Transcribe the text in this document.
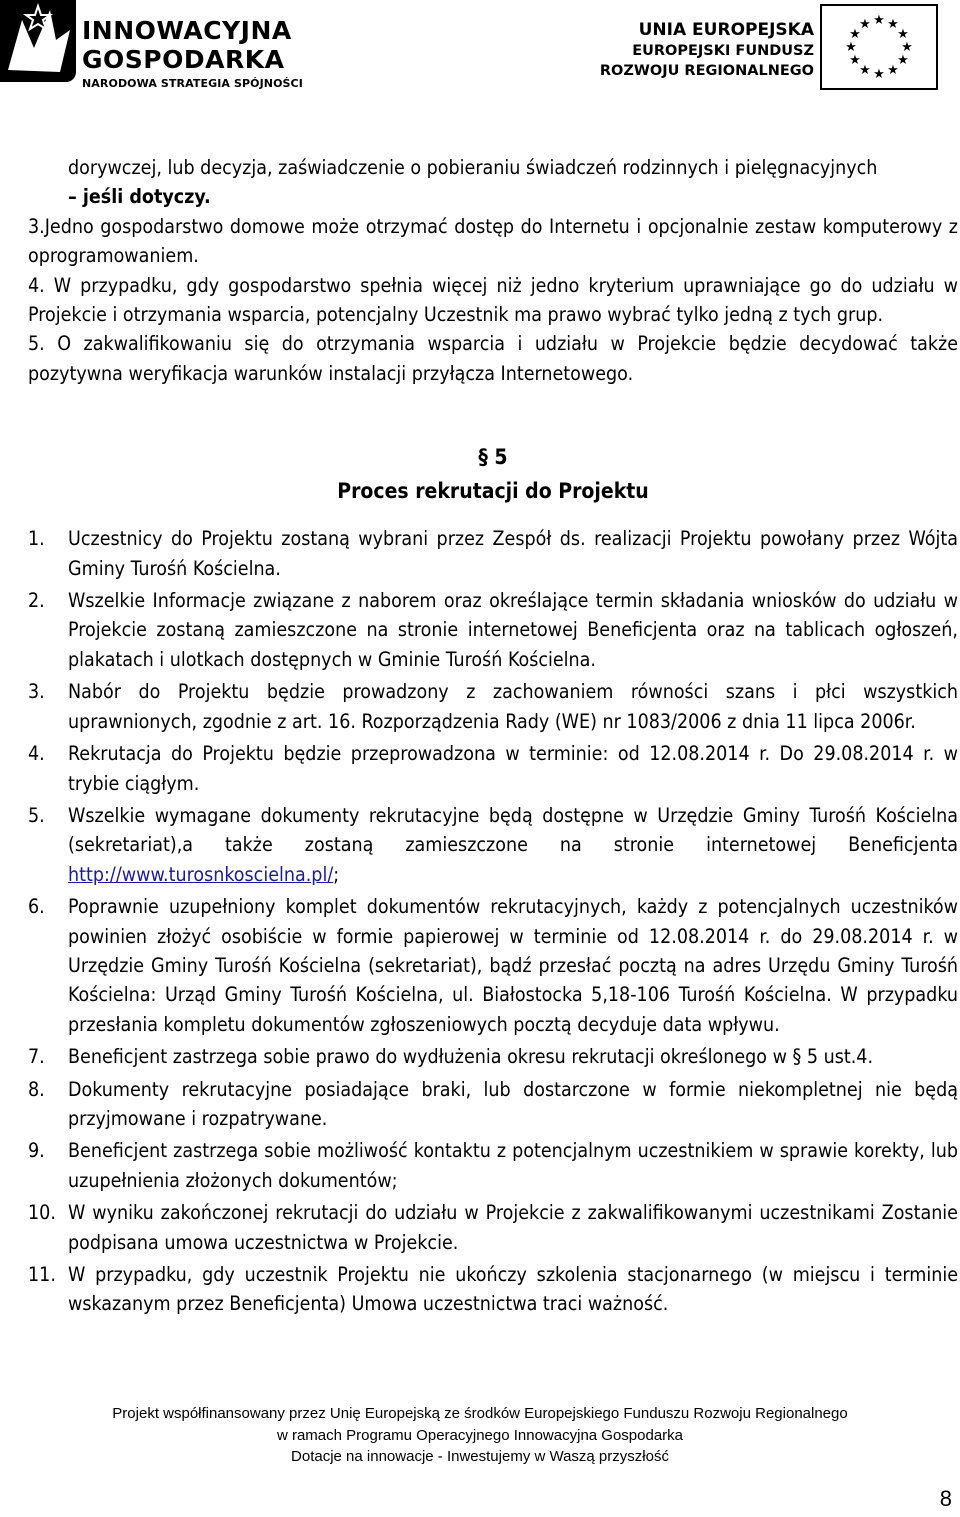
INNOWACYJNA
GOSPODARKA
NARODOWA STRATEGIA SPÓJNOŚCI
UNIA EUROPEJSKA
EUROPEJSKI FUNDUSZ
ROZWOJU REGIONALNEGO
★ ★
★
★
★
★
★
★
★
★
★
★

dorywczej, lub decyzja, zaświadczenie o pobieraniu świadczeń rodzinnych i pielęgnacyjnych
– jeśli dotyczy.

3.Jedno gospodarstwo domowe może otrzymać dostęp do Internetu i opcjonalnie zestaw komputerowy z oprogramowaniem.

4. W przypadku, gdy gospodarstwo spełnia więcej niż jedno kryterium uprawniające go do udziału w Projekcie i otrzymania wsparcia, potencjalny Uczestnik ma prawo wybrać tylko jedną z tych grup.
5. O zakwalifikowaniu się do otrzymania wsparcia i udziału w Projekcie będzie decydować także pozytywna weryfikacja warunków instalacji przyłącza Internetowego.
§ 5
Proces rekrutacji do Projektu
1.	Uczestnicy do Projektu zostaną wybrani przez Zespół ds. realizacji Projektu powołany przez Wójta Gminy Turośń Kościelna.
2.	Wszelkie Informacje związane z naborem oraz określające termin składania wniosków do udziału w Projekcie zostaną zamieszczone na stronie internetowej Beneficjenta oraz na tablicach ogłoszeń, plakatach i ulotkach dostępnych w Gminie Turośń Kościelna.
3.	Nabór do Projektu będzie prowadzony z zachowaniem równości szans i płci wszystkich uprawnionych, zgodnie z art. 16. Rozporządzenia Rady (WE) nr 1083/2006 z dnia 11 lipca 2006r.
4.	Rekrutacja do Projektu będzie przeprowadzona w terminie: od 12.08.2014 r. Do 29.08.2014 r. w trybie ciągłym.
5.	Wszelkie wymagane dokumenty rekrutacyjne będą dostępne w Urzędzie Gminy Turośń Kościelna (sekretariat),a także zostaną zamieszczone na stronie internetowej Beneficjenta http://www.turosnkoscielna.pl/;
6.	Poprawnie uzupełniony komplet dokumentów rekrutacyjnych, każdy z potencjalnych uczestników powinien złożyć osobiście w formie papierowej w terminie od 12.08.2014 r. do 29.08.2014 r. w Urzędzie Gminy Turośń Kościelna (sekretariat), bądź przesłać pocztą na adres Urzędu Gminy Turośń Kościelna: Urząd Gminy Turośń Kościelna, ul. Białostocka 5,18-106 Turośń Kościelna. W przypadku przesłania kompletu dokumentów zgłoszeniowych pocztą decyduje data wpływu.
7.	Beneficjent zastrzega sobie prawo do wydłużenia okresu rekrutacji określonego w § 5 ust.4.
8.	Dokumenty rekrutacyjne posiadające braki, lub dostarczone w formie niekompletnej nie będą przyjmowane i rozpatrywane.
9.	Beneficjent zastrzega sobie możliwość kontaktu z potencjalnym uczestnikiem w sprawie korekty, lub uzupełnienia złożonych dokumentów;
10. W wyniku zakończonej rekrutacji do udziału w Projekcie z zakwalifikowanymi uczestnikami Zostanie podpisana umowa uczestnictwa w Projekcie.
11. W przypadku, gdy uczestnik Projektu nie ukończy szkolenia stacjonarnego (w miejscu i terminie wskazanym przez Beneficjenta) Umowa uczestnictwa traci ważność.
Projekt współfinansowany przez Unię Europejską ze środków Europejskiego Funduszu Rozwoju Regionalnego
w ramach Programu Operacyjnego Innowacyjna Gospodarka
Dotacje na innowacje - Inwestujemy w Waszą przyszłość
8
